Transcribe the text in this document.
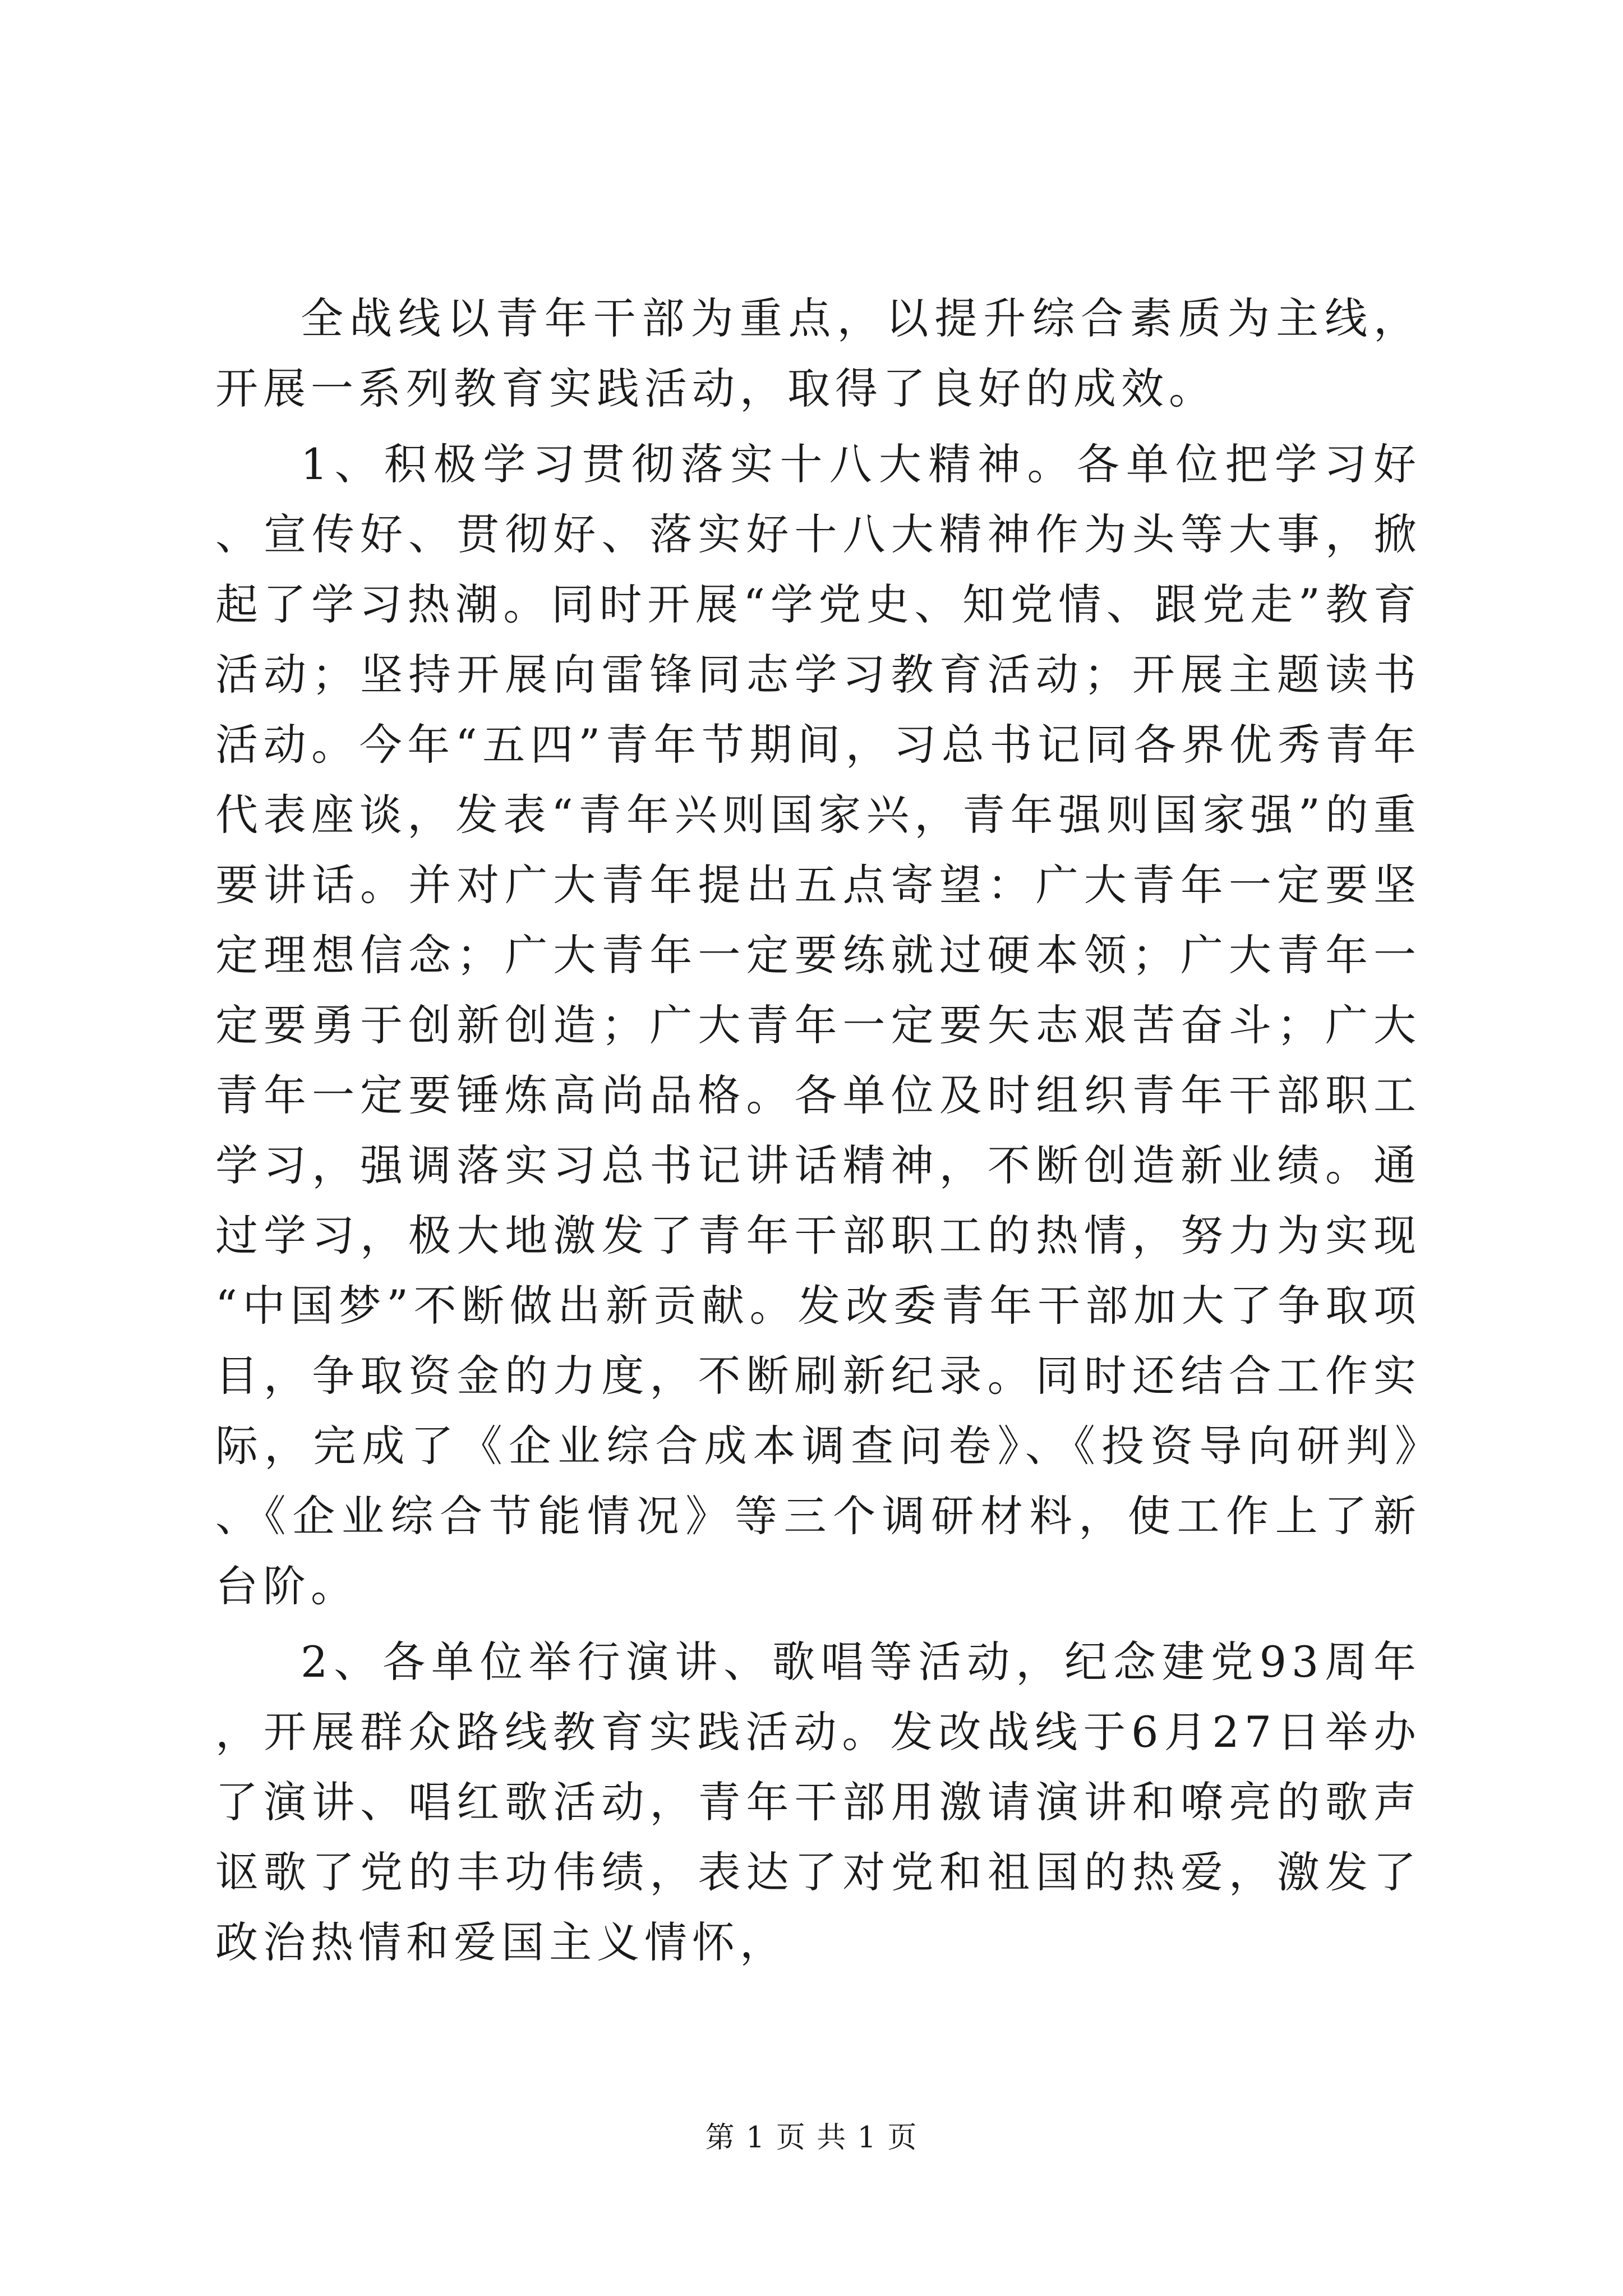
全战线以青年干部为重点，以提升综合素质为主线，开展一系列教育实践活动，取得了良好的成效。

1、积极学习贯彻落实十八大精神。各单位把学习好、宣传好、贯彻好、落实好十八大精神作为头等大事，掀起了学习热潮。同时开展“学党史、知党情、跟党走”教育活动；坚持开展向雷锋同志学习教育活动；开展主题读书活动。今年“五四”青年节期间，习总书记同各界优秀青年代表座谈，发表“青年兴则国家兴，青年强则国家强”的重要讲话。并对广大青年提出五点寄望：广大青年一定要坚定理想信念；广大青年一定要练就过硬本领；广大青年一定要勇于创新创造；广大青年一定要矢志艰苦奋斗；广大青年一定要锤炼高尚品格。各单位及时组织青年干部职工学习，强调落实习总书记讲话精神，不断创造新业绩。通过学习，极大地激发了青年干部职工的热情，努力为实现“中国梦”不断做出新贡献。发改委青年干部加大了争取项目，争取资金的力度，不断刷新纪录。同时还结合工作实际，完成了《企业综合成本调查问卷》、《投资导向研判》、《企业综合节能情况》等三个调研材料，使工作上了新台阶。

2、各单位举行演讲、歌唱等活动，纪念建党93周年，开展群众路线教育实践活动。发改战线于6月27日举办了演讲、唱红歌活动，青年干部用激请演讲和嘹亮的歌声讴歌了党的丰功伟绩，表达了对党和祖国的热爱，激发了政治热情和爱国主义情怀，

第 1 页 共 1 页
